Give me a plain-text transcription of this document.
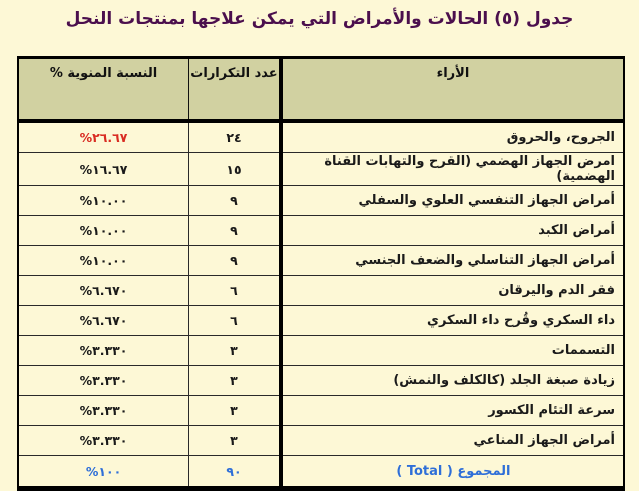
جدول (٥) الحالات والأمراض التي يمكن علاجها بمنتجات النحل
الأراء	عدد التكرارات	النسبة المنوية %
الجروح، والحروق	٢٤	%٢٦.٦٧
امرض الجهاز الهضمي (القرح والتهابات القناة الهضمية)	١٥	%١٦.٦٧
أمراض الجهاز التنفسي العلوي والسفلي	٩	%١٠.٠٠
أمراض الكبد	٩	%١٠.٠٠
أمراض الجهاز التناسلي والضعف الجنسي	٩	%١٠.٠٠
فقر الدم واليرقان	٦	%٦.٦٧٠
داء السكري وقُرح داء السكري	٦	%٦.٦٧٠
التسممات	٣	%٣.٣٣٠
زيادة صبغة الجلد (كالكلف والنمش)	٣	%٣.٣٣٠
سرعة التئام الكسور	٣	%٣.٣٣٠
أمراض الجهاز المناعي	٣	%٣.٣٣٠
المجموع ( Total )	٩٠	%١٠٠
